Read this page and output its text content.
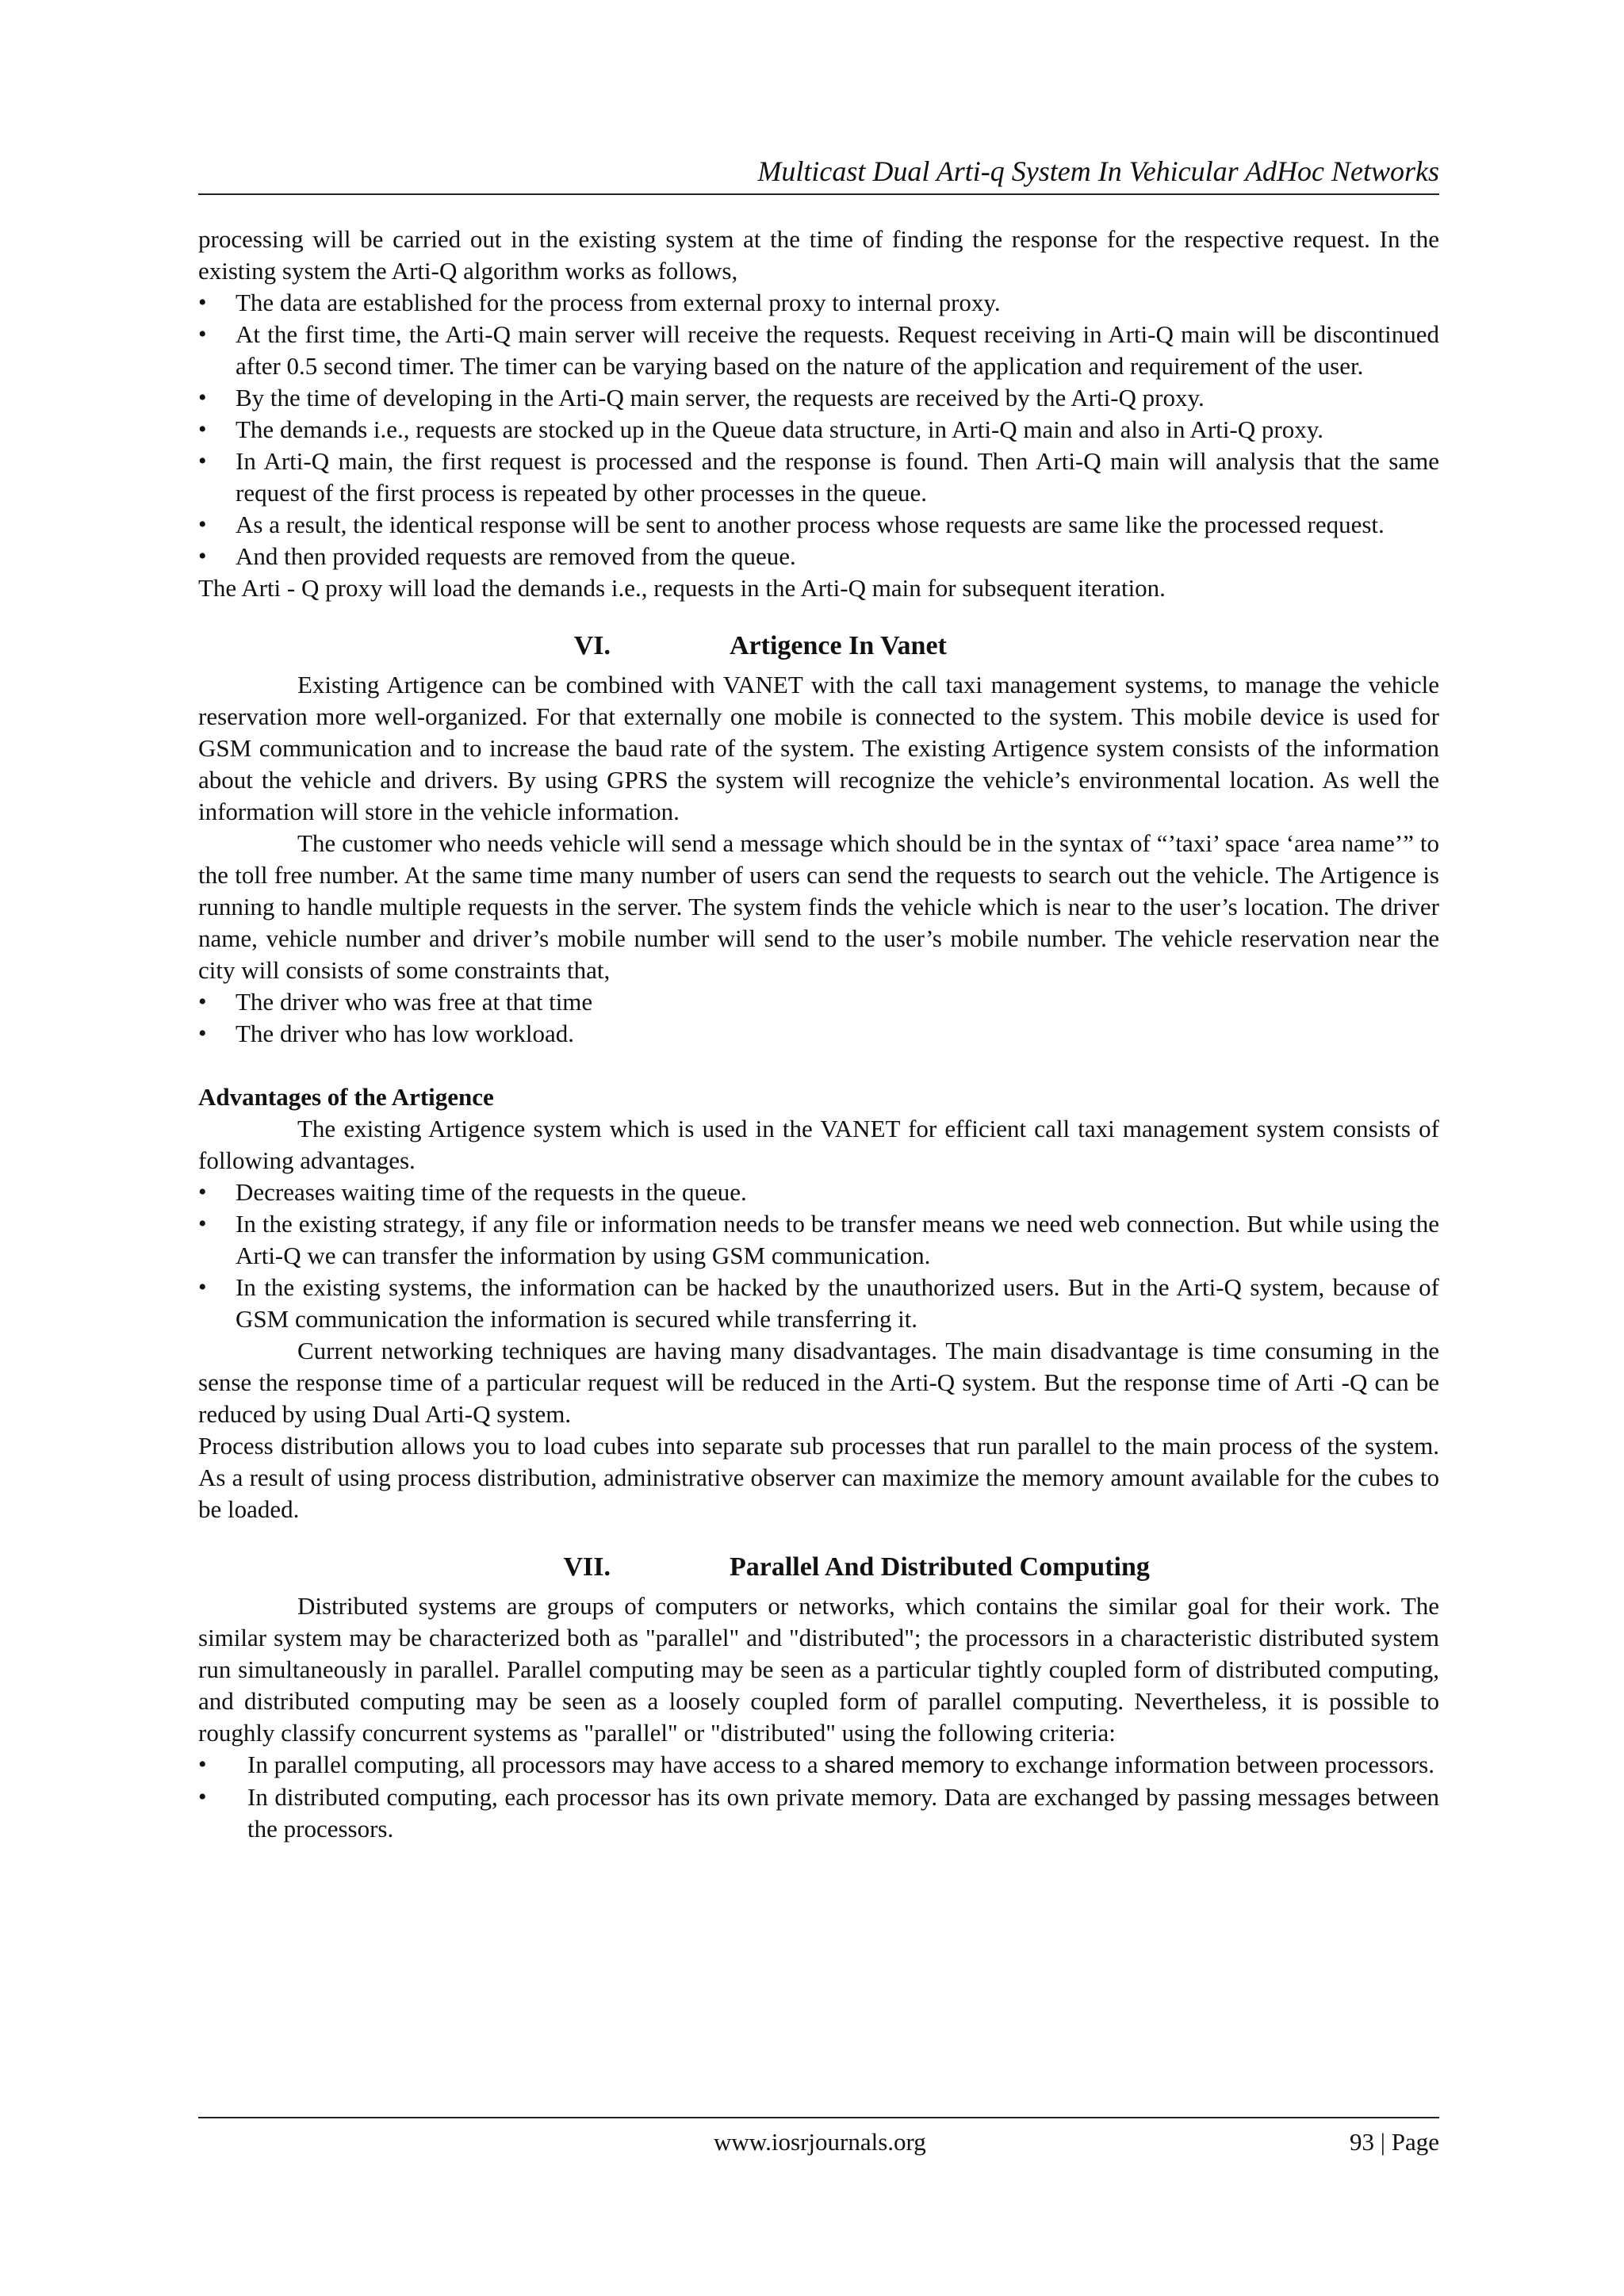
Multicast Dual Arti-q System In Vehicular AdHoc Networks

processing will be carried out in the existing system at the time of finding the response for the respective request. In the existing system the Arti-Q algorithm works as follows,

• The data are established for the process from external proxy to internal proxy.
• At the first time, the Arti-Q main server will receive the requests. Request receiving in Arti-Q main will be discontinued after 0.5 second timer. The timer can be varying based on the nature of the application and requirement of the user.
• By the time of developing in the Arti-Q main server, the requests are received by the Arti-Q proxy.
• The demands i.e., requests are stocked up in the Queue data structure, in Arti-Q main and also in Arti-Q proxy.
• In Arti-Q main, the first request is processed and the response is found. Then Arti-Q main will analysis that the same request of the first process is repeated by other processes in the queue.
• As a result, the identical response will be sent to another process whose requests are same like the processed request.
• And then provided requests are removed from the queue.

The Arti - Q proxy will load the demands i.e., requests in the Arti-Q main for subsequent iteration.

VI.	Artigence In Vanet

Existing Artigence can be combined with VANET with the call taxi management systems, to manage the vehicle reservation more well-organized. For that externally one mobile is connected to the system. This mobile device is used for GSM communication and to increase the baud rate of the system. The existing Artigence system consists of the information about the vehicle and drivers. By using GPRS the system will recognize the vehicle’s environmental location. As well the information will store in the vehicle information.

The customer who needs vehicle will send a message which should be in the syntax of “’taxi’ space ‘area name’” to the toll free number. At the same time many number of users can send the requests to search out the vehicle. The Artigence is running to handle multiple requests in the server. The system finds the vehicle which is near to the user’s location. The driver name, vehicle number and driver’s mobile number will send to the user’s mobile number. The vehicle reservation near the city will consists of some constraints that,

• The driver who was free at that time
• The driver who has low workload.
Advantages of the Artigence

The existing Artigence system which is used in the VANET for efficient call taxi management system consists of following advantages.

• Decreases waiting time of the requests in the queue.
• In the existing strategy, if any file or information needs to be transfer means we need web connection. But while using the Arti-Q we can transfer the information by using GSM communication.
• In the existing systems, the information can be hacked by the unauthorized users. But in the Arti-Q system, because of GSM communication the information is secured while transferring it.

Current networking techniques are having many disadvantages. The main disadvantage is time consuming in the sense the response time of a particular request will be reduced in the Arti-Q system. But the response time of Arti -Q can be reduced by using Dual Arti-Q system.

Process distribution allows you to load cubes into separate sub processes that run parallel to the main process of the system. As a result of using process distribution, administrative observer can maximize the memory amount available for the cubes to be loaded.

VII.	Parallel And Distributed Computing

Distributed systems are groups of computers or networks, which contains the similar goal for their work. The similar system may be characterized both as "parallel" and "distributed"; the processors in a characteristic distributed system run simultaneously in parallel. Parallel computing may be seen as a particular tightly coupled form of distributed computing, and distributed computing may be seen as a loosely coupled form of parallel computing. Nevertheless, it is possible to roughly classify concurrent systems as "parallel" or "distributed" using the following criteria:

• In parallel computing, all processors may have access to a shared memory to exchange information between processors.
• In distributed computing, each processor has its own private memory. Data are exchanged by passing messages between the processors.
www.iosrjournals.org	93 | Page
